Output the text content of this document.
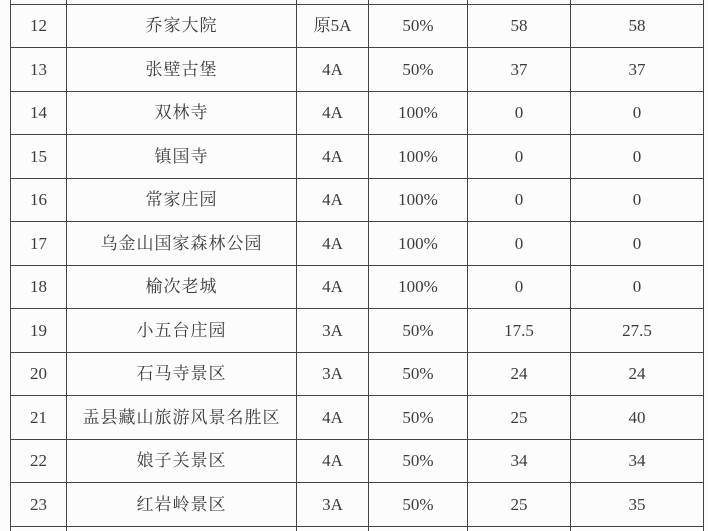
12	乔家大院	原5A	50%	58	58
13	张壁古堡	4A	50%	37	37
14	双林寺	4A	100%	0	0
15	镇国寺	4A	100%	0	0
16	常家庄园	4A	100%	0	0
17	乌金山国家森林公园	4A	100%	0	0
18	榆次老城	4A	100%	0	0
19	小五台庄园	3A	50%	17.5	27.5
20	石马寺景区	3A	50%	24	24
21	盂县藏山旅游风景名胜区	4A	50%	25	40
22	娘子关景区	4A	50%	34	34
23	红岩岭景区	3A	50%	25	35
